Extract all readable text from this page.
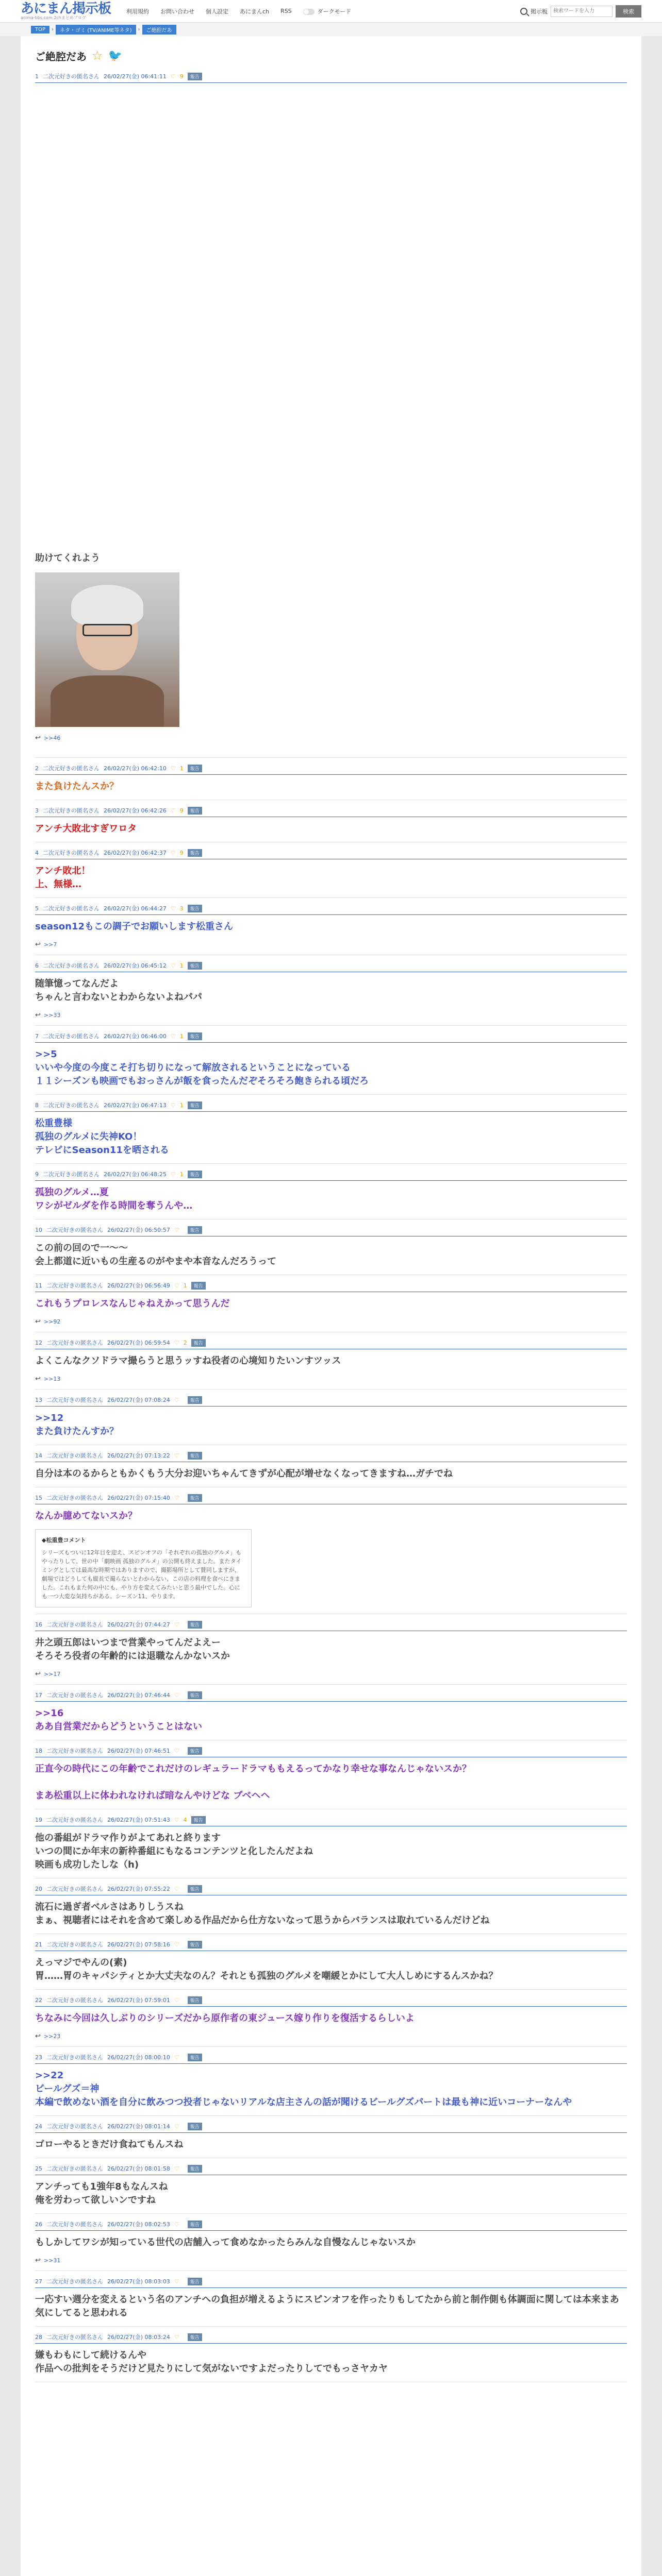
あにまん掲示板
anima-bbs.com 2chまとめブログ
利用規約 お問い合わせ 個人設定 あにまんch RSS	ダークモード	掲示板
検索ワードを入力	検索
TOP	›	ネタ・ゴミ (TV/ANIME等ネタ)	›	ご絶腔だあ
ご絶腔だあ ☆ 🐦
1 二次元好きの匿名さん 26/02/27(金) 06:41:11 ♡ 9	報告
助けてくれよう
↩ >>46
2 二次元好きの匿名さん 26/02/27(金) 06:42:10 ♡ 1	報告
また負けたんスか？
3 二次元好きの匿名さん 26/02/27(金) 06:42:26 ♡ 9	報告
アンチ大敗北すぎワロタ
4 二次元好きの匿名さん 26/02/27(金) 06:42:37 ♡ 9	報告
アンチ敗北！
上、無様…
5 二次元好きの匿名さん 26/02/27(金) 06:44:27 ♡ 3	報告
season12もこの調子でお願いします松重さん
↩ >>7
6 二次元好きの匿名さん 26/02/27(金) 06:45:12 ♡ 1	報告
随筆憶ってなんだよ
ちゃんと言わないとわからないよねパパ
↩ >>33
7 二次元好きの匿名さん 26/02/27(金) 06:46:00 ♡ 1	報告
>>5
いいや今度の今度こそ打ち切りになって解放されるということになっている
１１シーズンも映画でもおっさんが飯を食ったんだぞそろそろ飽きられる頃だろ
8 二次元好きの匿名さん 26/02/27(金) 06:47:13 ♡ 1	報告
松重豊様
孤独のグルメに失神KO！
テレビにSeason11を晒される
9 二次元好きの匿名さん 26/02/27(金) 06:48:25 ♡ 1	報告
孤独のグルメ…夏
ワシがゼルダを作る時間を奪うんや…
10 二次元好きの匿名さん 26/02/27(金) 06:50:57 ♡	報告
この前の回ので一〜〜
会上都道に近いもの生産るのがやまや本音なんだろうって
11 二次元好きの匿名さん 26/02/27(金) 06:56:49 ♡ 1	報告
これもうプロレスなんじゃねえかって思うんだ
↩ >>92
12 二次元好きの匿名さん 26/02/27(金) 06:59:54 ♡ 2	報告
よくこんなクソドラマ撮らうと思うッすね役者の心境知りたいンすツッス
↩ >>13
13 二次元好きの匿名さん 26/02/27(金) 07:08:24 ♡	報告
>>12
また負けたんすか？
14 二次元好きの匿名さん 26/02/27(金) 07:13:22 ♡	報告
自分は本のるからともかくもう大分お迎いちゃんてきずが心配が増せなくなってきますね…ガチでね
15 二次元好きの匿名さん 26/02/27(金) 07:15:40 ♡	報告
なんか臆めてないスか？
◆松重豊コメント
シリーズもついに12年目を迎え、スピンオフの「それぞれの孤独のグルメ」もやったりして、世の中「劇映画 孤独のグルメ」の公開も終えました。またタイミングとしては最高な時期ではありますので、撮影場所として賛同しますが、劇場ではどうしても縦長で撮らないとわからない、この店の料理を食べにきました。これもまた何の中にも、やり方を変えてみたいと思う最中でした。心にも一つ大変な気持ちがある。シーズン11、やります。
16 二次元好きの匿名さん 26/02/27(金) 07:44:27 ♡	報告
井之頭五郎はいつまで営業やってんだよえー
そろそろ役者の年齢的には退職なんかないスか
↩ >>17
17 二次元好きの匿名さん 26/02/27(金) 07:46:44 ♡	報告
>>16
ああ自営業だからどうということはない
18 二次元好きの匿名さん 26/02/27(金) 07:46:51 ♡	報告
正直今の時代にこの年齢でこれだけのレギュラードラマももえるってかなり幸せな事なんじゃないスか？

まあ松重以上に体われなければ暗なんやけどな ブベヘヘ
19 二次元好きの匿名さん 26/02/27(金) 07:51:43 ♡ 4	報告
他の番組がドラマ作りがよてあれと終ります
いつの間にか年末の新枠番組にもなるコンテンツと化したんだよね
映画も成功したしな（h)
20 二次元好きの匿名さん 26/02/27(金) 07:55:22 ♡	報告
流石に過ぎ者ベルさはありしうスね
まぁ、視聴者にはそれを含めて楽しめる作品だから仕方ないなって思うからバランスは取れているんだけどね
21 二次元好きの匿名さん 26/02/27(金) 07:58:16 ♡	報告
えっマジでやんの(素)
胃……胃のキャパシティとか大丈夫なのん？それとも孤独のグルメを嘲緩とかにして大人しめにするんスかね？
22 二次元好きの匿名さん 26/02/27(金) 07:59:01 ♡	報告
ちなみに今回は久しぶりのシリーズだから原作者の東ジュース嫁り作りを復活するらしいよ
↩ >>23
23 二次元好きの匿名さん 26/02/27(金) 08:00:10 ♡	報告
>>22
ビールグズ＝神
本編で飲めない酒を自分に飲みつつ投者じゃないリアルな店主さんの話が聞けるビールグズパートは最も神に近いコーナーなんや
24 二次元好きの匿名さん 26/02/27(金) 08:01:14 ♡	報告
ゴローやるときだけ食ねてもんスね
25 二次元好きの匿名さん 26/02/27(金) 08:01:58 ♡	報告
アンチっても1強年8もなんスね
俺を労わって欲しいンですね
26 二次元好きの匿名さん 26/02/27(金) 08:02:53 ♡	報告
もしかしてワシが知っている世代の店舗入って食めなかったらみんな自慢なんじゃないスか
↩ >>31
27 二次元好きの匿名さん 26/02/27(金) 08:03:03 ♡	報告
一応すい週分を変えるという名のアンチへの負担が増えるようにスピンオフを作ったりもしてたから前と制作側も体調面に関しては本来まあ気にしてると思われる
28 二次元好きの匿名さん 26/02/27(金) 08:03:24 ♡	報告
嫌もわもにして続けるんや
作品への批判をそうだけど見たりにして気がないですよだったりしてでもっさヤカヤ
